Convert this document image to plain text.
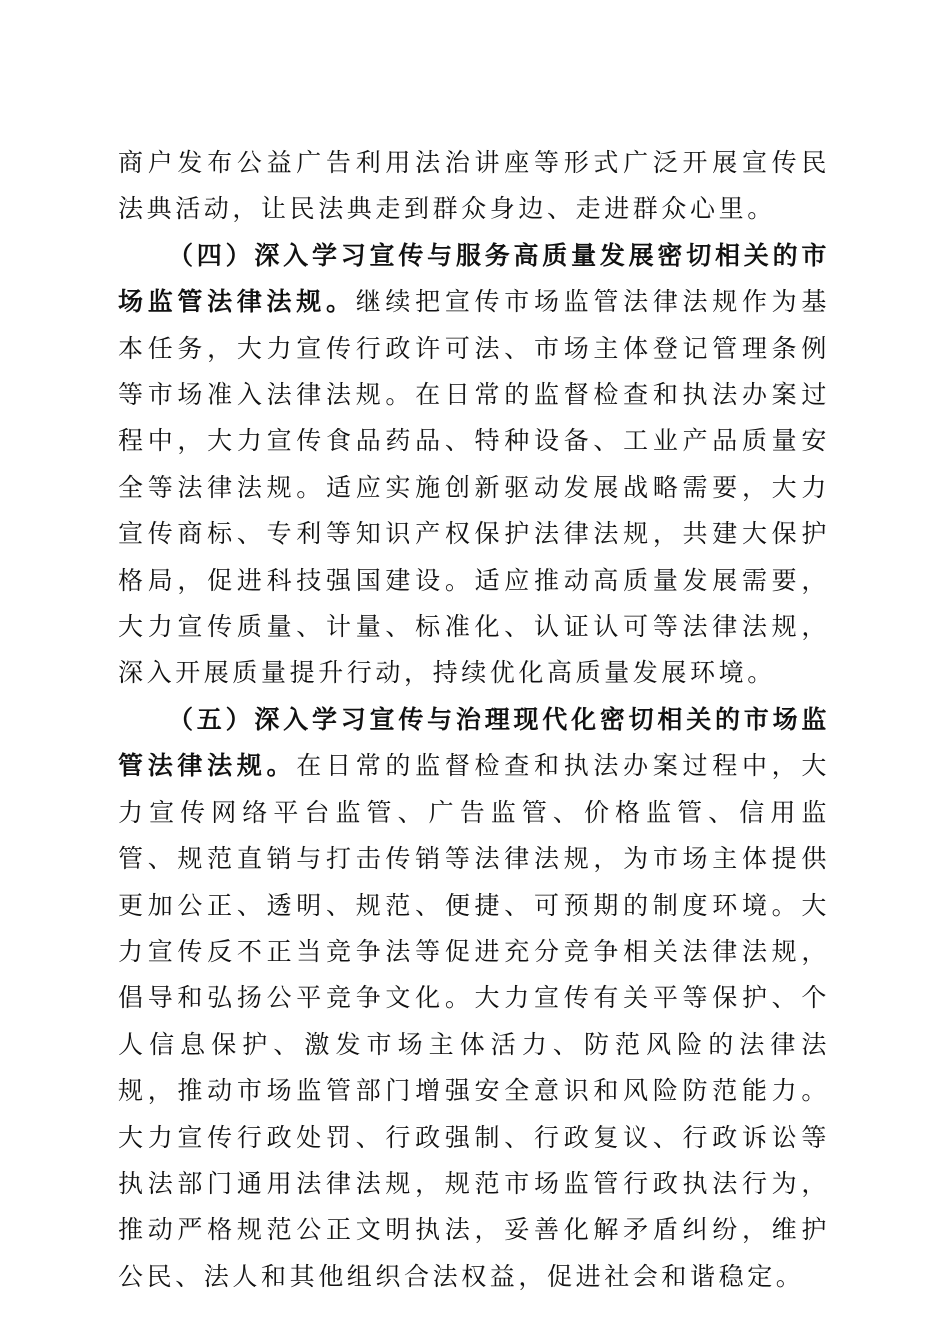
商户发布公益广告利用法治讲座等形式广泛开展宣传民法典活动，让民法典走到群众身边、走进群众心里。

（四）深入学习宣传与服务高质量发展密切相关的市场监管法律法规。继续把宣传市场监管法律法规作为基本任务，大力宣传行政许可法、市场主体登记管理条例等市场准入法律法规。在日常的监督检查和执法办案过程中，大力宣传食品药品、特种设备、工业产品质量安全等法律法规。适应实施创新驱动发展战略需要，大力宣传商标、专利等知识产权保护法律法规，共建大保护格局，促进科技强国建设。适应推动高质量发展需要，大力宣传质量、计量、标准化、认证认可等法律法规，深入开展质量提升行动，持续优化高质量发展环境。

（五）深入学习宣传与治理现代化密切相关的市场监管法律法规。在日常的监督检查和执法办案过程中，大力宣传网络平台监管、广告监管、价格监管、信用监管、规范直销与打击传销等法律法规，为市场主体提供更加公正、透明、规范、便捷、可预期的制度环境。大力宣传反不正当竞争法等促进充分竞争相关法律法规，倡导和弘扬公平竞争文化。大力宣传有关平等保护、个人信息保护、激发市场主体活力、防范风险的法律法规，推动市场监管部门增强安全意识和风险防范能力。大力宣传行政处罚、行政强制、行政复议、行政诉讼等执法部门通用法律法规，规范市场监管行政执法行为，推动严格规范公正文明执法，妥善化解矛盾纠纷，维护公民、法人和其他组织合法权益，促进社会和谐稳定。
